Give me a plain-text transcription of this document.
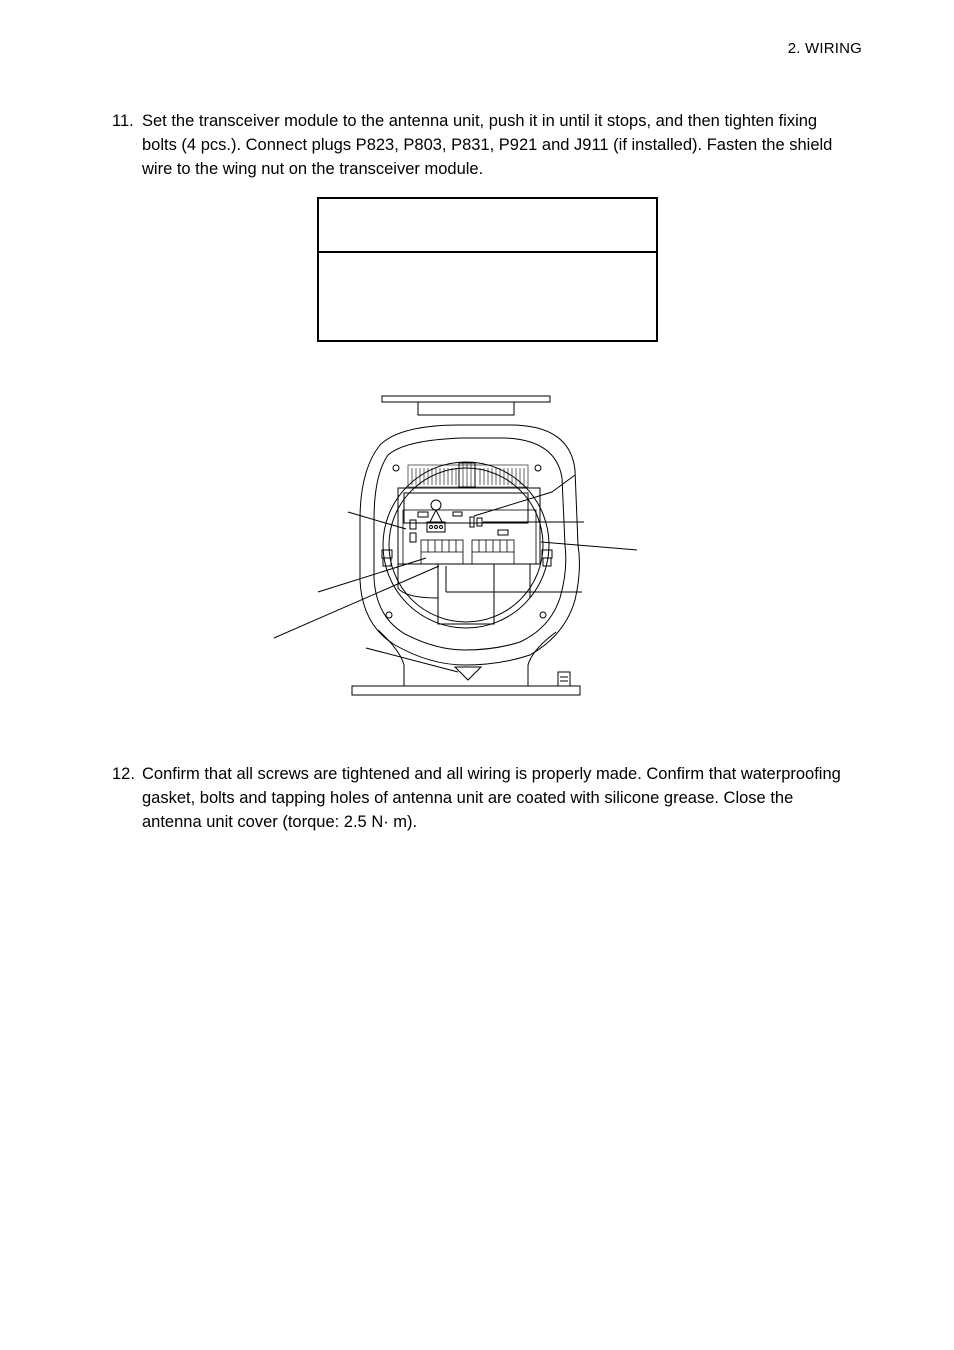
2. WIRING
11. Set the transceiver module to the antenna unit, push it in until it stops, and then tighten fixing bolts (4 pcs.). Connect plugs P823, P803, P831, P921 and J911 (if installed). Fasten the shield wire to the wing nut on the transceiver module.
12. Confirm that all screws are tightened and all wiring is properly made. Confirm that waterproofing gasket, bolts and tapping holes of antenna unit are coated with silicone grease. Close the antenna unit cover (torque: 2.5 N· m).
